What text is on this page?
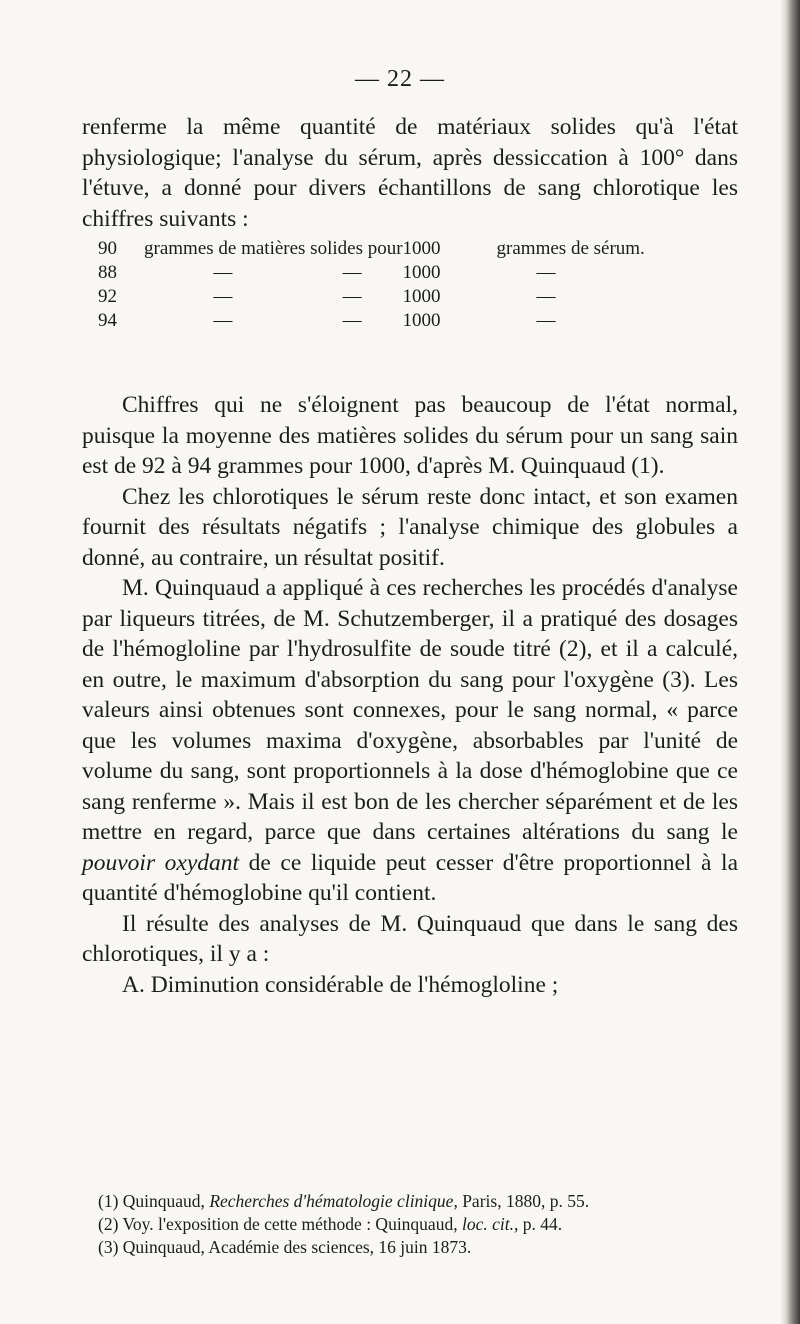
— 22 —

renferme la même quantité de matériaux solides qu'à l'état physiologique; l'analyse du sérum, après dessiccation à 100° dans l'étuve, a donné pour divers échantillons de sang chlorotique les chiffres suivants :

90	grammes de matières solides pour		1000	grammes de sérum.
88	—	—	1000	—
92	—	—	1000	—
94	—	—	1000	—

Chiffres qui ne s'éloignent pas beaucoup de l'état normal, puisque la moyenne des matières solides du sérum pour un sang sain est de 92 à 94 grammes pour 1000, d'après M. Quinquaud (1).

Chez les chlorotiques le sérum reste donc intact, et son examen fournit des résultats négatifs ; l'analyse chimique des globules a donné, au contraire, un résultat positif.

M. Quinquaud a appliqué à ces recherches les procédés d'analyse par liqueurs titrées, de M. Schutzemberger, il a pratiqué des dosages de l'hémogloline par l'hydrosulfite de soude titré (2), et il a calculé, en outre, le maximum d'absorption du sang pour l'oxygène (3). Les valeurs ainsi obtenues sont connexes, pour le sang normal, « parce que les volumes maxima d'oxygène, absorbables par l'unité de volume du sang, sont proportionnels à la dose d'hémoglobine que ce sang renferme ». Mais il est bon de les chercher séparément et de les mettre en regard, parce que dans certaines altérations du sang le pouvoir oxydant de ce liquide peut cesser d'être proportionnel à la quantité d'hémoglobine qu'il contient.

Il résulte des analyses de M. Quinquaud que dans le sang des chlorotiques, il y a :

A. Diminution considérable de l'hémogloline ;

(1) Quinquaud, Recherches d'hématologie clinique, Paris, 1880, p. 55.
(2) Voy. l'exposition de cette méthode : Quinquaud, loc. cit., p. 44.
(3) Quinquaud, Académie des sciences, 16 juin 1873.
